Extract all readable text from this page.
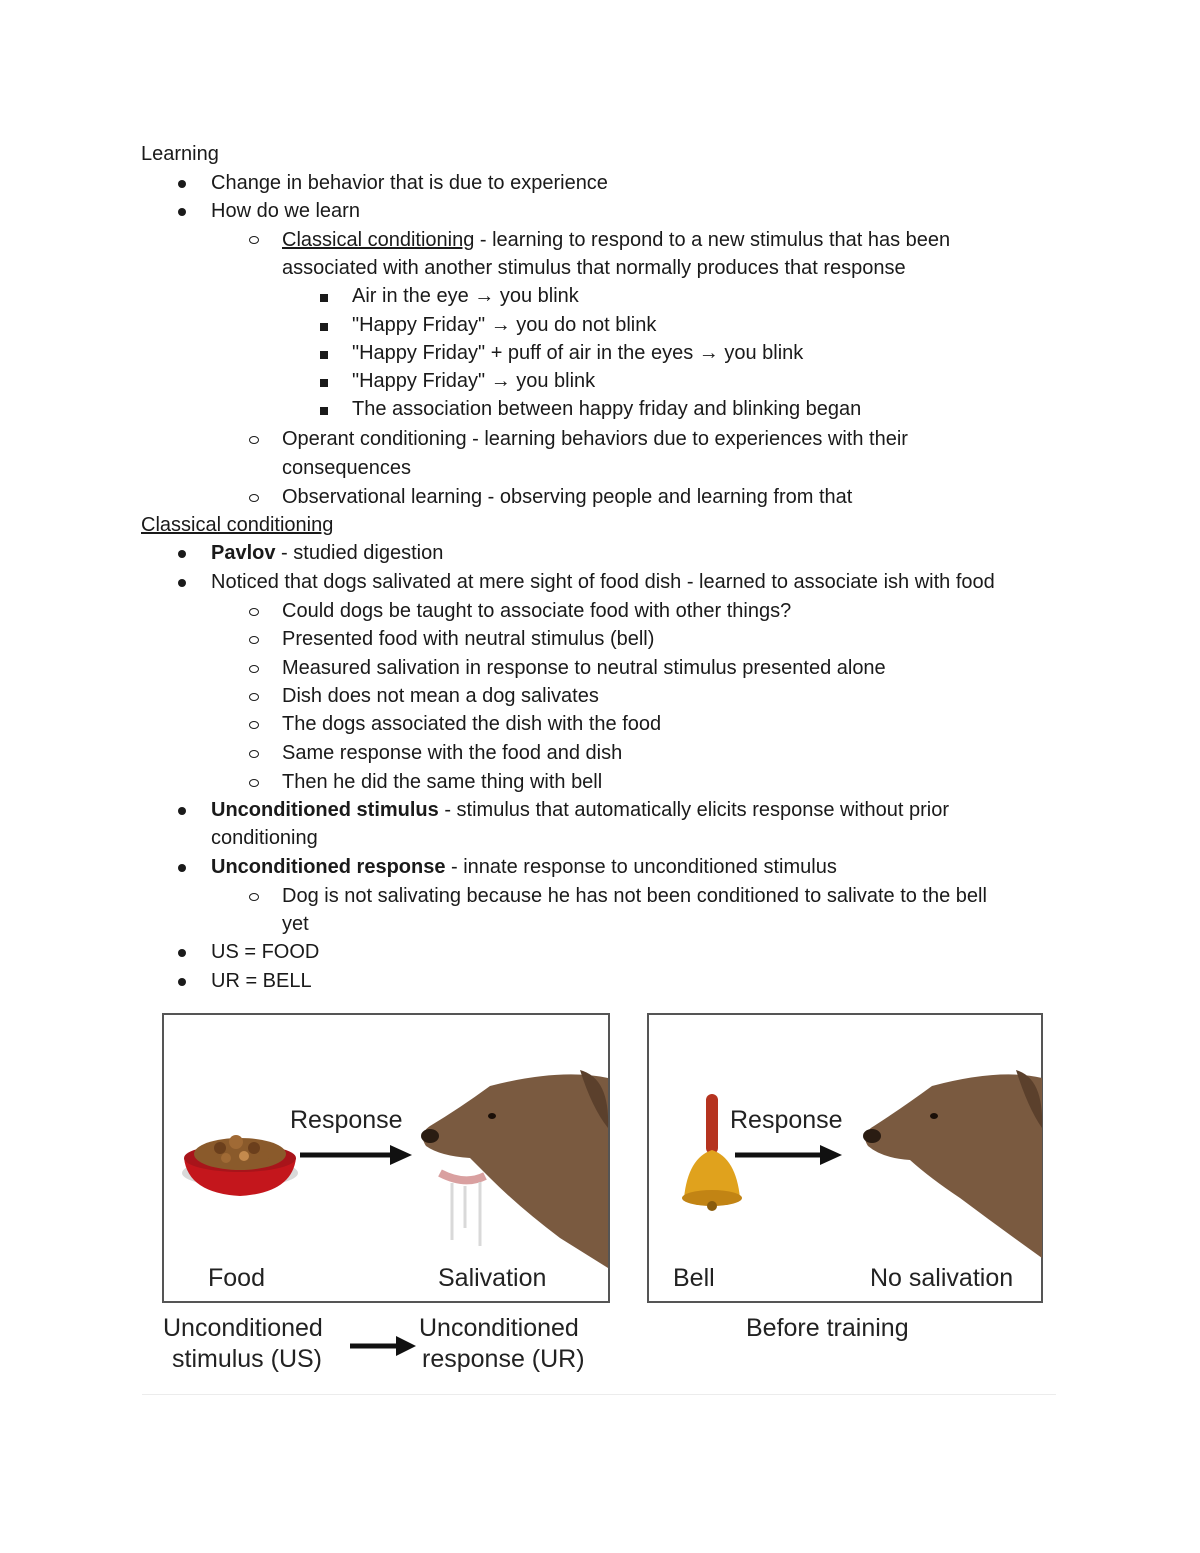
Learning
Change in behavior that is due to experience
How do we learn
Classical conditioning - learning to respond to a new stimulus that has been
associated with another stimulus that normally produces that response
Air in the eye → you blink
"Happy Friday" → you do not blink
"Happy Friday" + puff of air in the eyes → you blink
"Happy Friday" → you blink
The association between happy friday and blinking began
Operant conditioning - learning behaviors due to experiences with their
consequences
Observational learning - observing people and learning from that
Classical conditioning
Pavlov - studied digestion
Noticed that dogs salivated at mere sight of food dish - learned to associate ish with food
Could dogs be taught to associate food with other things?
Presented food with neutral stimulus (bell)
Measured salivation in response to neutral stimulus presented alone
Dish does not mean a dog salivates
The dogs associated the dish with the food
Same response with the food and dish
Then he did the same thing with bell
Unconditioned stimulus - stimulus that automatically elicits response without prior
conditioning
Unconditioned response - innate response to unconditioned stimulus
Dog is not salivating because he has not been conditioned to salivate to the bell
yet
US = FOOD
UR = BELL
Response
Food	Salivation
Response
Bell	No salivation
Unconditioned
stimulus (US)
Unconditioned
response (UR)
Before training
